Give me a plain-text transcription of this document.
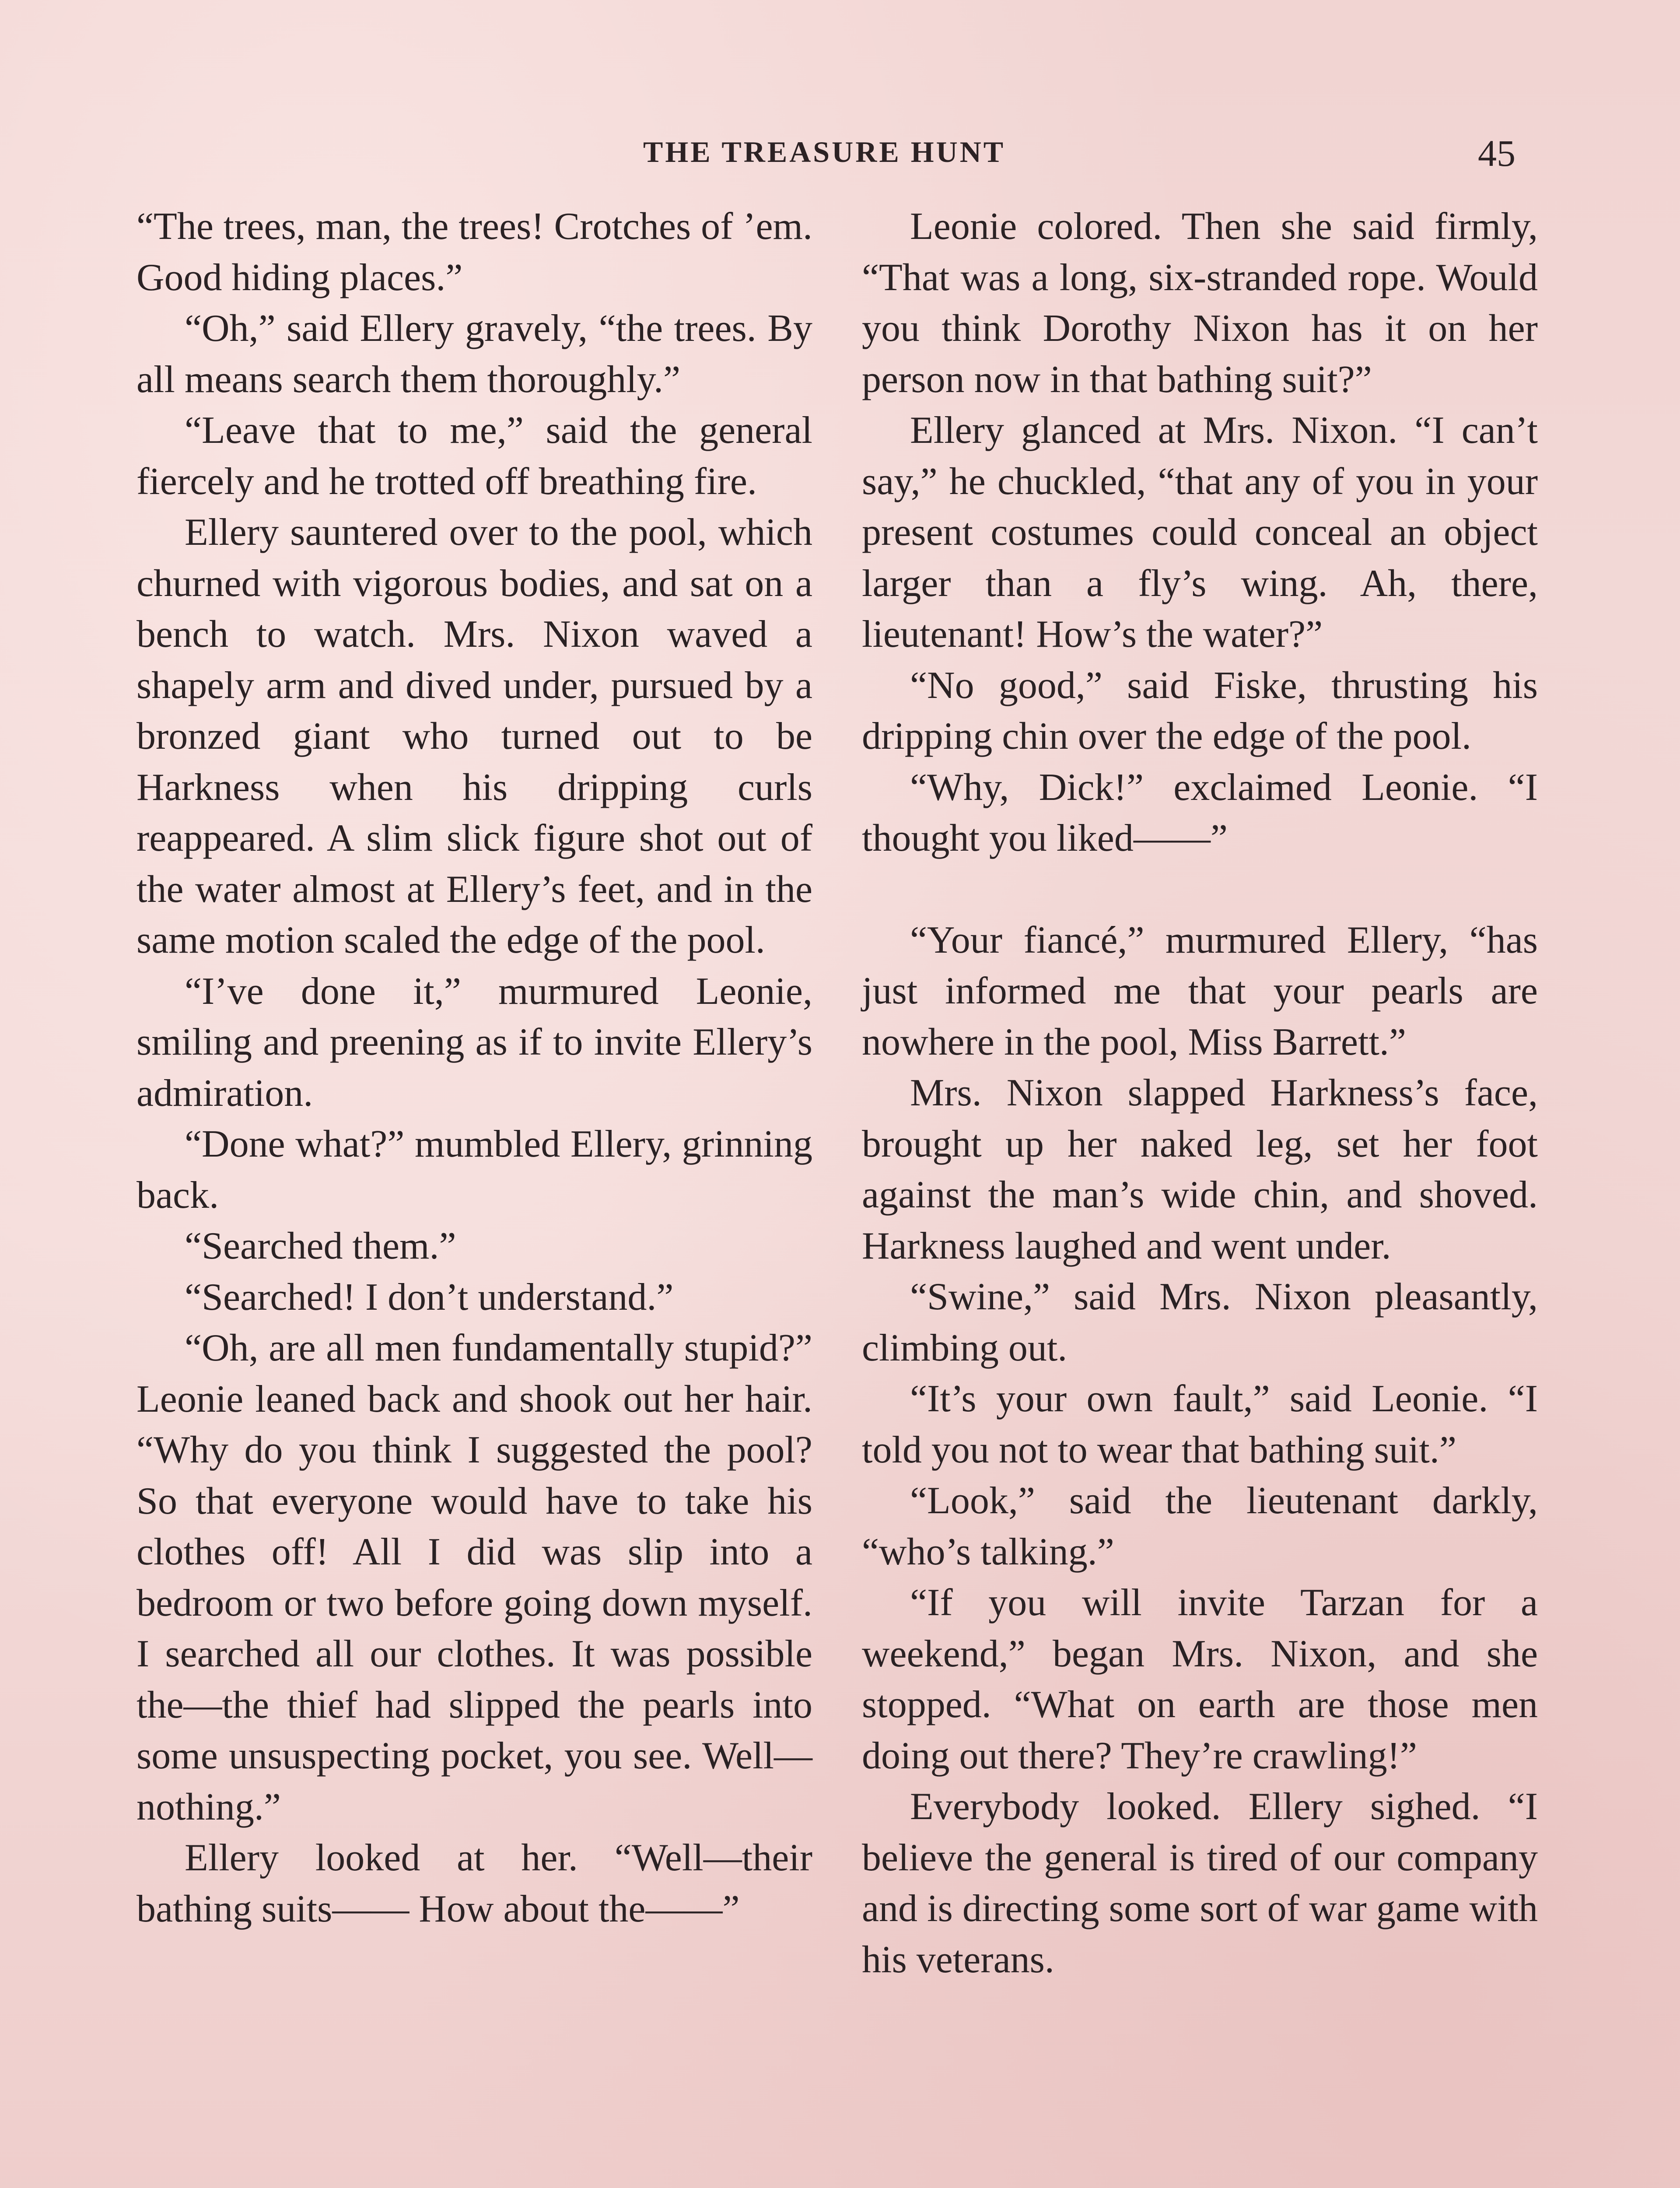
THE TREASURE HUNT	45

“The trees, man, the trees! Crotches of ’em. Good hiding places.”

“Oh,” said Ellery gravely, “the trees. By all means search them thoroughly.”

“Leave that to me,” said the general fiercely and he trotted off breathing fire.

Ellery sauntered over to the pool, which churned with vigorous bodies, and sat on a bench to watch. Mrs. Nixon waved a shapely arm and dived under, pursued by a bronzed giant who turned out to be Harkness when his dripping curls reappeared. A slim slick figure shot out of the water almost at Ellery’s feet, and in the same motion scaled the edge of the pool.

“I’ve done it,” murmured Leonie, smiling and preening as if to invite Ellery’s admiration.

“Done what?” mumbled Ellery, grinning back.

“Searched them.”

“Searched! I don’t understand.”

“Oh, are all men fundamentally stupid?” Leonie leaned back and shook out her hair. “Why do you think I suggested the pool? So that everyone would have to take his clothes off! All I did was slip into a bedroom or two before going down myself. I searched all our clothes. It was possible the—the thief had slipped the pearls into some unsuspecting pocket, you see. Well—nothing.”

Ellery looked at her. “Well—their bathing suits—— How about the——”

Leonie colored. Then she said firmly, “That was a long, six-stranded rope. Would you think Dorothy Nixon has it on her person now in that bathing suit?”

Ellery glanced at Mrs. Nixon. “I can’t say,” he chuckled, “that any of you in your present costumes could conceal an object larger than a fly’s wing. Ah, there, lieutenant! How’s the water?”

“No good,” said Fiske, thrusting his dripping chin over the edge of the pool.

“Why, Dick!” exclaimed Leonie. “I thought you liked——”

“Your fiancé,” murmured Ellery, “has just informed me that your pearls are nowhere in the pool, Miss Barrett.”

Mrs. Nixon slapped Harkness’s face, brought up her naked leg, set her foot against the man’s wide chin, and shoved. Harkness laughed and went under.

“Swine,” said Mrs. Nixon pleasantly, climbing out.

“It’s your own fault,” said Leonie. “I told you not to wear that bathing suit.”

“Look,” said the lieutenant darkly, “who’s talking.”

“If you will invite Tarzan for a weekend,” began Mrs. Nixon, and she stopped. “What on earth are those men doing out there? They’re crawling!”

Everybody looked. Ellery sighed. “I believe the general is tired of our company and is directing some sort of war game with his veterans.
